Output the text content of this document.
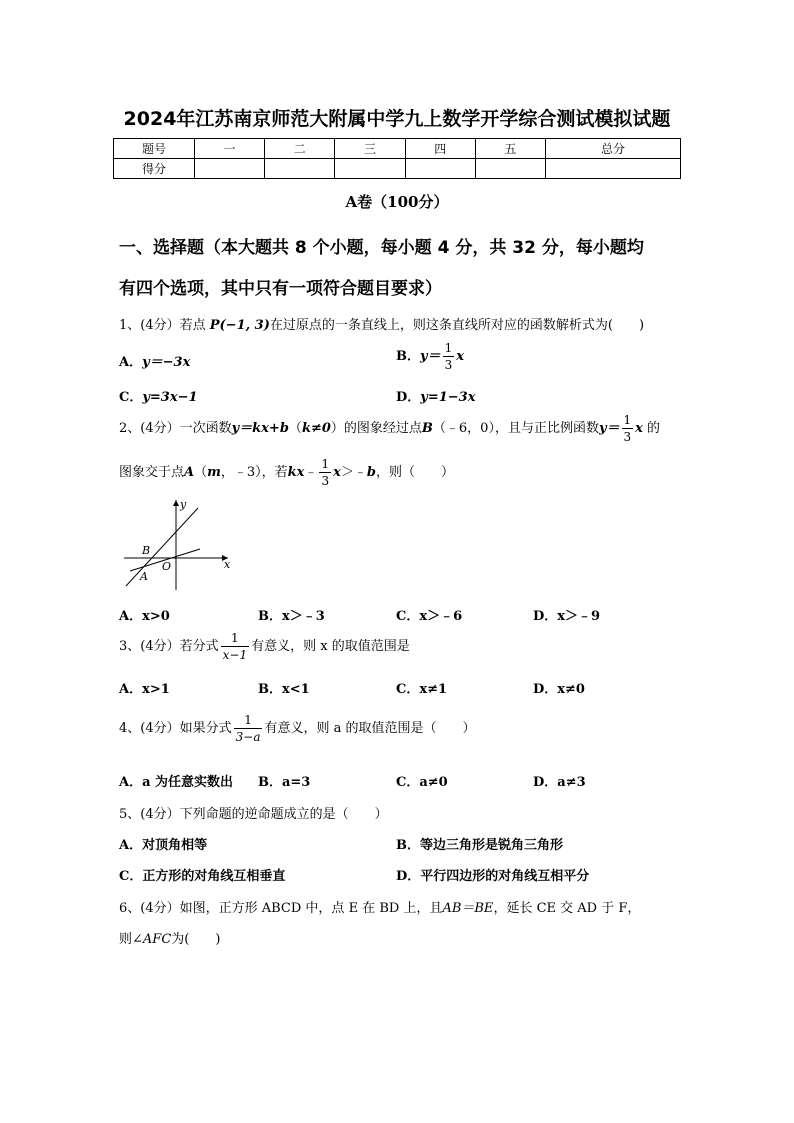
2024年江苏南京师范大附属中学九上数学开学综合测试模拟试题
题号	一	二	三	四	五	总分
得分						
A卷（100分）
一、选择题（本大题共 8 个小题，每小题 4 分，共 32 分，每小题均
有四个选项，其中只有一项符合题目要求）
1、(4分）若点 P(−1, 3)在过原点的一条直线上，则这条直线所对应的函数解析式为(　　)
A．y＝−3x	B．$y= \frac{1}{3}$ x
C．y=3x−1	D．y=1−3x
2、(4分）一次函数y＝kx+b（k≠0）的图象经过点B（﹣6，0），且与正比例函数$y= \frac{1}{3}$ x 的
图象交于点A（m，﹣3），若kx﹣ $\frac{1}{3}$ x＞﹣b，则（　　）
y
x
B
O
A
A．x>0	B．x＞﹣3	C．x＞﹣6	D．x＞﹣9
3、(4分）若分式 $\frac{1}{x-1}$ 有意义，则 x 的取值范围是
A．x>1	B．x<1	C．x≠1	D．x≠0
4、(4分）如果分式 $\frac{1}{3-a}$ 有意义，则 a 的取值范围是（　　）
A．a 为任意实数出 B．a=3	C．a≠0	D．a≠3
5、(4分）下列命题的逆命题成立的是（　　）
A．对顶角相等	B．等边三角形是锐角三角形
C．正方形的对角线互相垂直	D．平行四边形的对角线互相平分
6、(4分）如图，正方形 ABCD 中，点 E 在 BD 上，且AB＝BE，延长 CE 交 AD 于 F，
则∠AFC为(　　)
